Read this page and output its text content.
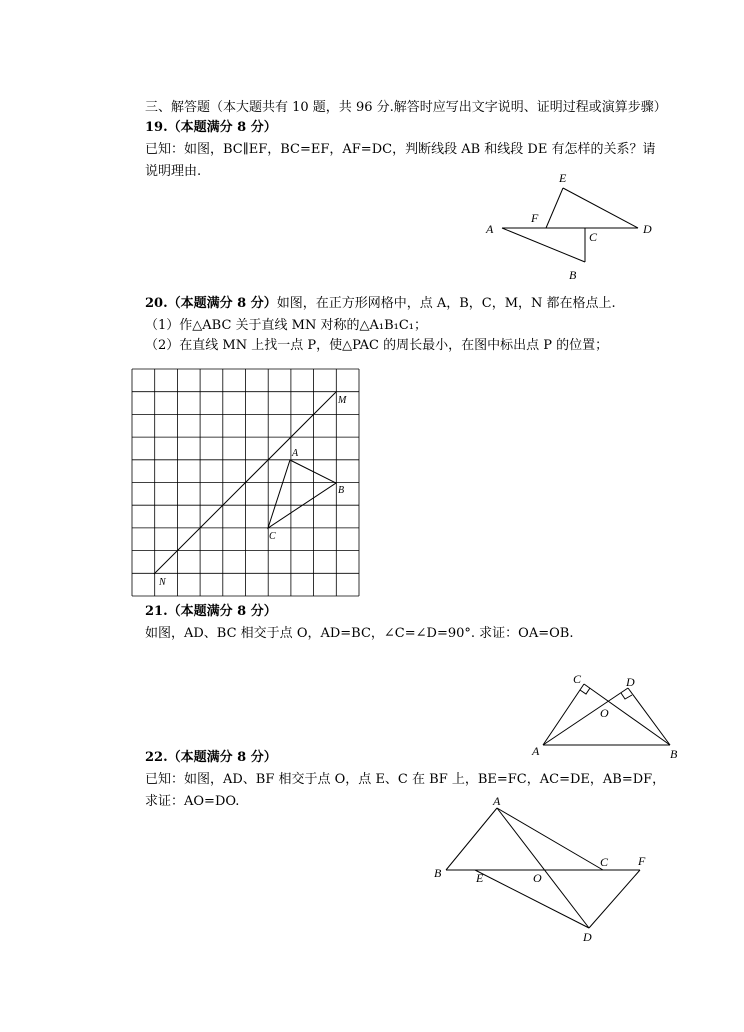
三、解答题（本大题共有 10 题，共 96 分.解答时应写出文字说明、证明过程或演算步骤）
19.（本题满分 8 分）
已知：如图，BC∥EF，BC=EF，AF=DC，判断线段 AB 和线段 DE 有怎样的关系？请
说明理由.	E
F
A	D
C
B
20.（本题满分 8 分）如图，在正方形网格中，点 A，B，C，M，N 都在格点上.
（1）作△ABC 关于直线 MN 对称的△A₁B₁C₁；
（2）在直线 MN 上找一点 P，使△PAC 的周长最小，在图中标出点 P 的位置；
M
N
A
B
C
21.（本题满分 8 分）
如图，AD、BC 相交于点 O，AD=BC，∠C=∠D=90°. 求证：OA=OB.
C	D
O
A	B
22.（本题满分 8 分）
已知：如图，AD、BF 相交于点 O，点 E、C 在 BF 上，BE=FC，AC=DE，AB=DF，
求证：AO=DO.	A
B	E	O
C F
D
